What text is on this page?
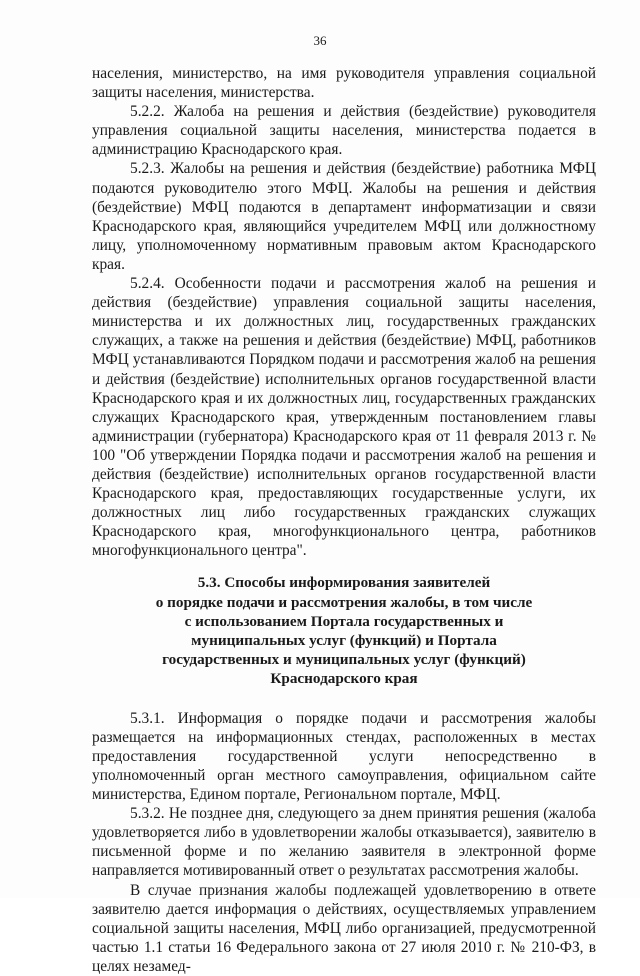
36

населения, министерство, на имя руководителя управления социальной защиты населения, министерства.

5.2.2. Жалоба на решения и действия (бездействие) руководителя управления социальной защиты населения, министерства подается в администрацию Краснодарского края.

5.2.3. Жалобы на решения и действия (бездействие) работника МФЦ подаются руководителю этого МФЦ. Жалобы на решения и действия (бездействие) МФЦ подаются в департамент информатизации и связи Краснодарского края, являющийся учредителем МФЦ или должностному лицу, уполномоченному нормативным правовым актом Краснодарского края.

5.2.4. Особенности подачи и рассмотрения жалоб на решения и действия (бездействие) управления социальной защиты населения, министерства и их должностных лиц, государственных гражданских служащих, а также на решения и действия (бездействие) МФЦ, работников МФЦ устанавливаются Порядком подачи и рассмотрения жалоб на решения и действия (бездействие) исполнительных органов государственной власти Краснодарского края и их должностных лиц, государственных гражданских служащих Краснодарского края, утвержденным постановлением главы администрации (губернатора) Краснодарского края от 11 февраля 2013 г. № 100 "Об утверждении Порядка подачи и рассмотрения жалоб на решения и действия (бездействие) исполнительных органов государственной власти Краснодарского края, предоставляющих государственные услуги, их должностных лиц либо государственных гражданских служащих Краснодарского края, многофункционального центра, работников многофункционального центра".

5.3. Способы информирования заявителей
о порядке подачи и рассмотрения жалобы, в том числе
с использованием Портала государственных и
муниципальных услуг (функций) и Портала
государственных и муниципальных услуг (функций)
Краснодарского края

5.3.1. Информация о порядке подачи и рассмотрения жалобы размещается на информационных стендах, расположенных в местах предоставления государственной услуги непосредственно в уполномоченный орган местного самоуправления, официальном сайте министерства, Едином портале, Региональном портале, МФЦ.

5.3.2. Не позднее дня, следующего за днем принятия решения (жалоба удовлетворяется либо в удовлетворении жалобы отказывается), заявителю в письменной форме и по желанию заявителя в электронной форме направляется мотивированный ответ о результатах рассмотрения жалобы.

В случае признания жалобы подлежащей удовлетворению в ответе заявителю дается информация о действиях, осуществляемых управлением социальной защиты населения, МФЦ либо организацией, предусмотренной частью 1.1 статьи 16 Федерального закона от 27 июля 2010 г. № 210-ФЗ, в целях незамед-
